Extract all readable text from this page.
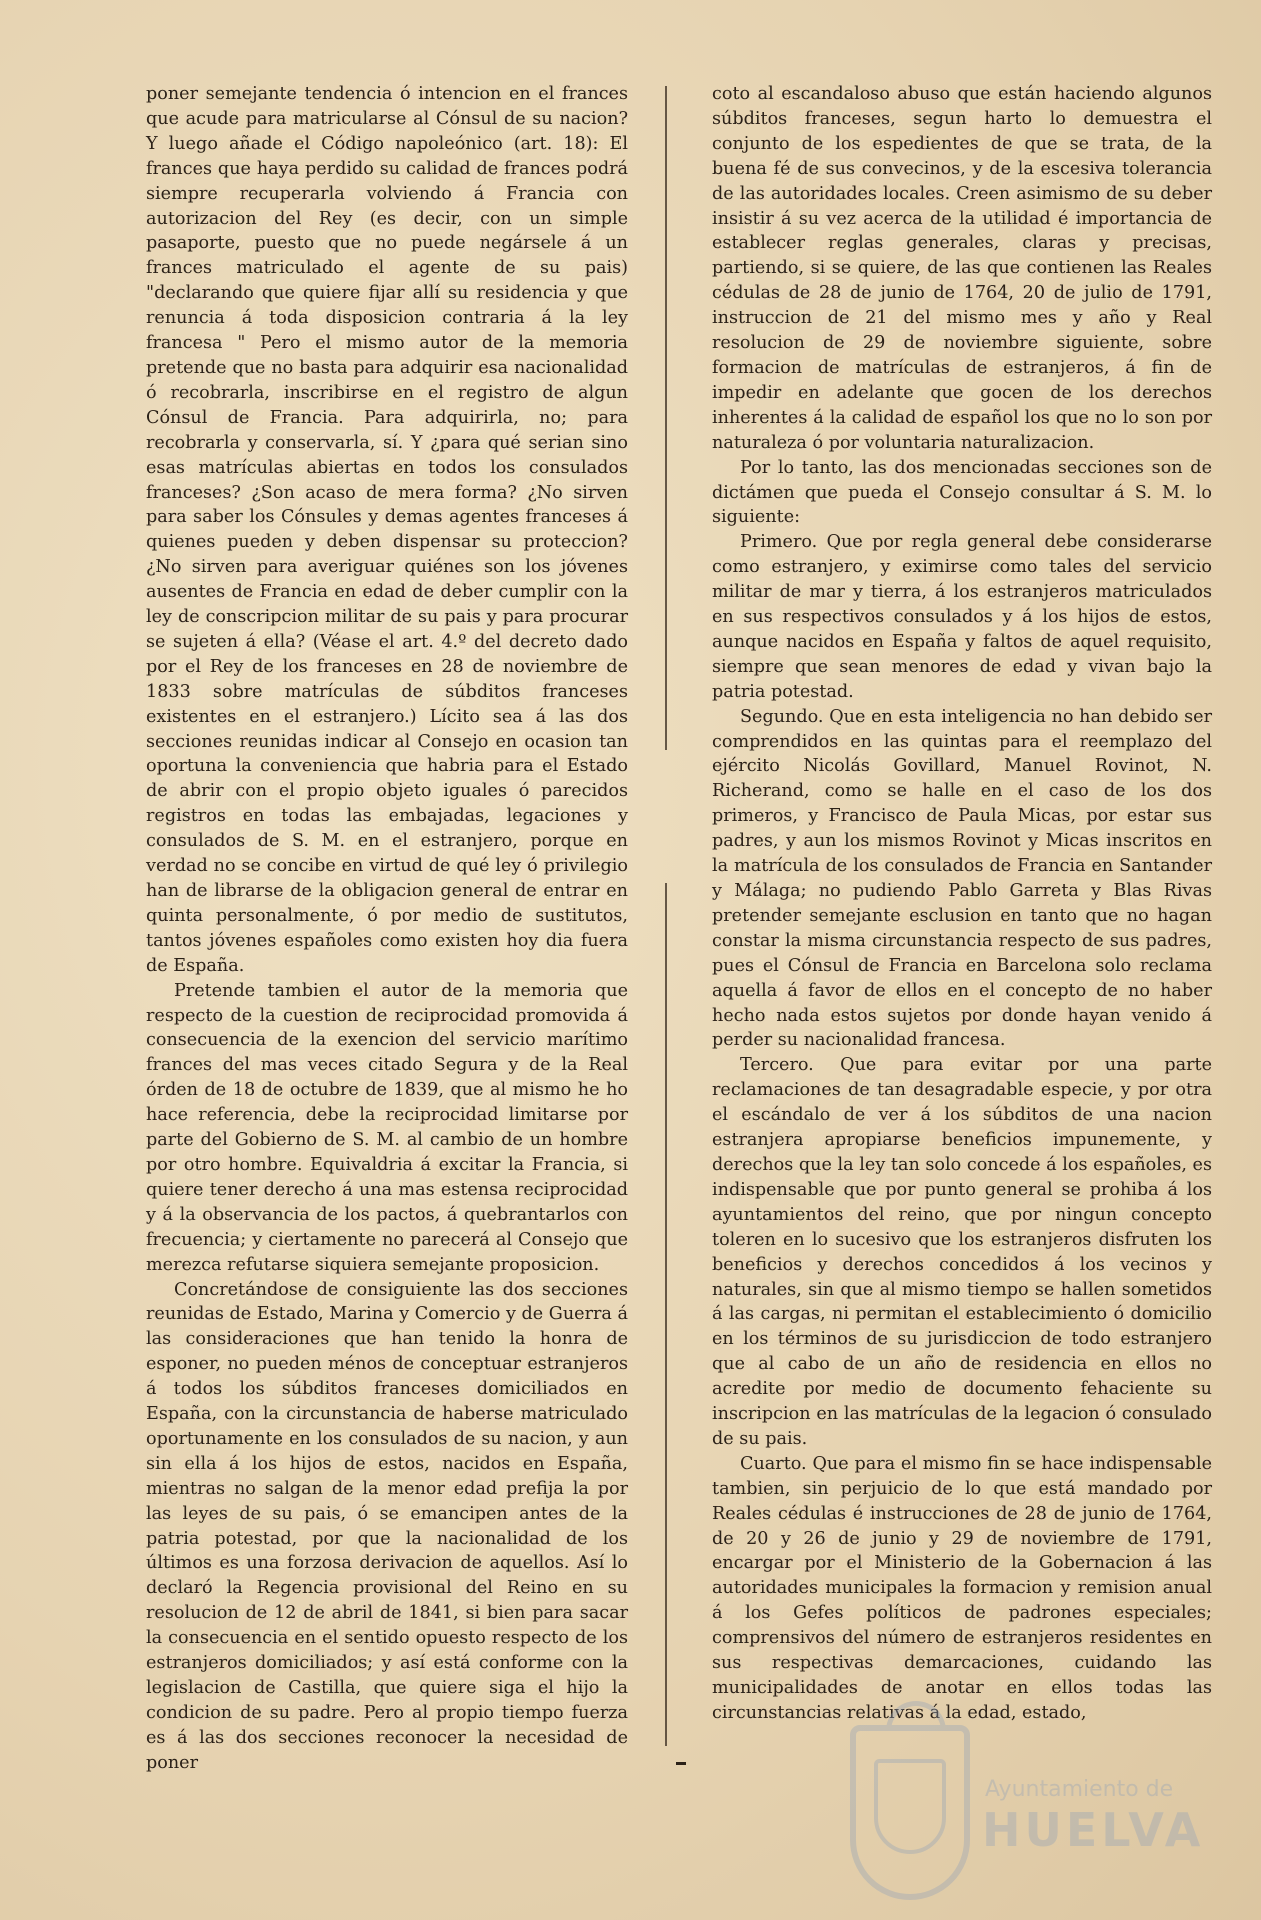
poner semejante tendencia ó intencion en el frances que acude para matricularse al Cónsul de su nacion? Y luego añade el Código napoleónico (art. 18): El frances que haya perdido su calidad de frances podrá siempre recuperarla volviendo á Francia con autorizacion del Rey (es decir, con un simple pasaporte, puesto que no puede negársele á un frances matriculado el agente de su pais) "declarando que quiere fijar allí su residencia y que renuncia á toda disposicion contraria á la ley francesa " Pero el mismo autor de la memoria pretende que no basta para adquirir esa nacionalidad ó recobrarla, inscribirse en el registro de algun Cónsul de Francia. Para adquirirla, no; para recobrarla y conservarla, sí. Y ¿para qué serian sino esas matrículas abiertas en todos los consulados franceses? ¿Son acaso de mera forma? ¿No sirven para saber los Cónsules y demas agentes franceses á quienes pueden y deben dispensar su proteccion? ¿No sirven para averiguar quiénes son los jóvenes ausentes de Francia en edad de deber cumplir con la ley de conscripcion militar de su pais y para procurar se sujeten á ella? (Véase el art. 4.º del decreto dado por el Rey de los franceses en 28 de noviembre de 1833 sobre matrículas de súbditos franceses existentes en el estranjero.) Lícito sea á las dos secciones reunidas indicar al Consejo en ocasion tan oportuna la conveniencia que habria para el Estado de abrir con el propio objeto iguales ó parecidos registros en todas las embajadas, legaciones y consulados de S. M. en el estranjero, porque en verdad no se concibe en virtud de qué ley ó privilegio han de librarse de la obligacion general de entrar en quinta personalmente, ó por medio de sustitutos, tantos jóvenes españoles como existen hoy dia fuera de España.

Pretende tambien el autor de la memoria que respecto de la cuestion de reciprocidad promovida á consecuencia de la exencion del servicio marítimo frances del mas veces citado Segura y de la Real órden de 18 de octubre de 1839, que al mismo he ho hace referencia, debe la reciprocidad limitarse por parte del Gobierno de S. M. al cambio de un hombre por otro hombre. Equivaldria á excitar la Francia, si quiere tener derecho á una mas estensa reciprocidad y á la observancia de los pactos, á quebrantarlos con frecuencia; y ciertamente no parecerá al Consejo que merezca refutarse siquiera semejante proposicion.

Concretándose de consiguiente las dos secciones reunidas de Estado, Marina y Comercio y de Guerra á las consideraciones que han tenido la honra de esponer, no pueden ménos de conceptuar estranjeros á todos los súbditos franceses domiciliados en España, con la circunstancia de haberse matriculado oportunamente en los consulados de su nacion, y aun sin ella á los hijos de estos, nacidos en España, mientras no salgan de la menor edad prefija la por las leyes de su pais, ó se emancipen antes de la patria potestad, por que la nacionalidad de los últimos es una forzosa derivacion de aquellos. Así lo declaró la Regencia provisional del Reino en su resolucion de 12 de abril de 1841, si bien para sacar la consecuencia en el sentido opuesto respecto de los estranjeros domiciliados; y así está conforme con la legislacion de Castilla, que quiere siga el hijo la condicion de su padre. Pero al propio tiempo fuerza es á las dos secciones reconocer la necesidad de poner

coto al escandaloso abuso que están haciendo algunos súbditos franceses, segun harto lo demuestra el conjunto de los espedientes de que se trata, de la buena fé de sus convecinos, y de la escesiva tolerancia de las autoridades locales. Creen asimismo de su deber insistir á su vez acerca de la utilidad é importancia de establecer reglas generales, claras y precisas, partiendo, si se quiere, de las que contienen las Reales cédulas de 28 de junio de 1764, 20 de julio de 1791, instruccion de 21 del mismo mes y año y Real resolucion de 29 de noviembre siguiente, sobre formacion de matrículas de estranjeros, á fin de impedir en adelante que gocen de los derechos inherentes á la calidad de español los que no lo son por naturaleza ó por voluntaria naturalizacion.

Por lo tanto, las dos mencionadas secciones son de dictámen que pueda el Consejo consultar á S. M. lo siguiente:

Primero. Que por regla general debe considerarse como estranjero, y eximirse como tales del servicio militar de mar y tierra, á los estranjeros matriculados en sus respectivos consulados y á los hijos de estos, aunque nacidos en España y faltos de aquel requisito, siempre que sean menores de edad y vivan bajo la patria potestad.

Segundo. Que en esta inteligencia no han debido ser comprendidos en las quintas para el reemplazo del ejército Nicolás Govillard, Manuel Rovinot, N. Richerand, como se halle en el caso de los dos primeros, y Francisco de Paula Micas, por estar sus padres, y aun los mismos Rovinot y Micas inscritos en la matrícula de los consulados de Francia en Santander y Málaga; no pudiendo Pablo Garreta y Blas Rivas pretender semejante esclusion en tanto que no hagan constar la misma circunstancia respecto de sus padres, pues el Cónsul de Francia en Barcelona solo reclama aquella á favor de ellos en el concepto de no haber hecho nada estos sujetos por donde hayan venido á perder su nacionalidad francesa.

Tercero. Que para evitar por una parte reclamaciones de tan desagradable especie, y por otra el escándalo de ver á los súbditos de una nacion estranjera apropiarse beneficios impunemente, y derechos que la ley tan solo concede á los españoles, es indispensable que por punto general se prohiba á los ayuntamientos del reino, que por ningun concepto toleren en lo sucesivo que los estranjeros disfruten los beneficios y derechos concedidos á los vecinos y naturales, sin que al mismo tiempo se hallen sometidos á las cargas, ni permitan el establecimiento ó domicilio en los términos de su jurisdiccion de todo estranjero que al cabo de un año de residencia en ellos no acredite por medio de documento fehaciente su inscripcion en las matrículas de la legacion ó consulado de su pais.

Cuarto. Que para el mismo fin se hace indispensable tambien, sin perjuicio de lo que está mandado por Reales cédulas é instrucciones de 28 de junio de 1764, de 20 y 26 de junio y 29 de noviembre de 1791, encargar por el Ministerio de la Gobernacion á las autoridades municipales la formacion y remision anual á los Gefes políticos de padrones especiales; comprensivos del número de estranjeros residentes en sus respectivas demarcaciones, cuidando las municipalidades de anotar en ellos todas las circunstancias relativas á la edad, estado,

Ayuntamiento de
HUELVA
